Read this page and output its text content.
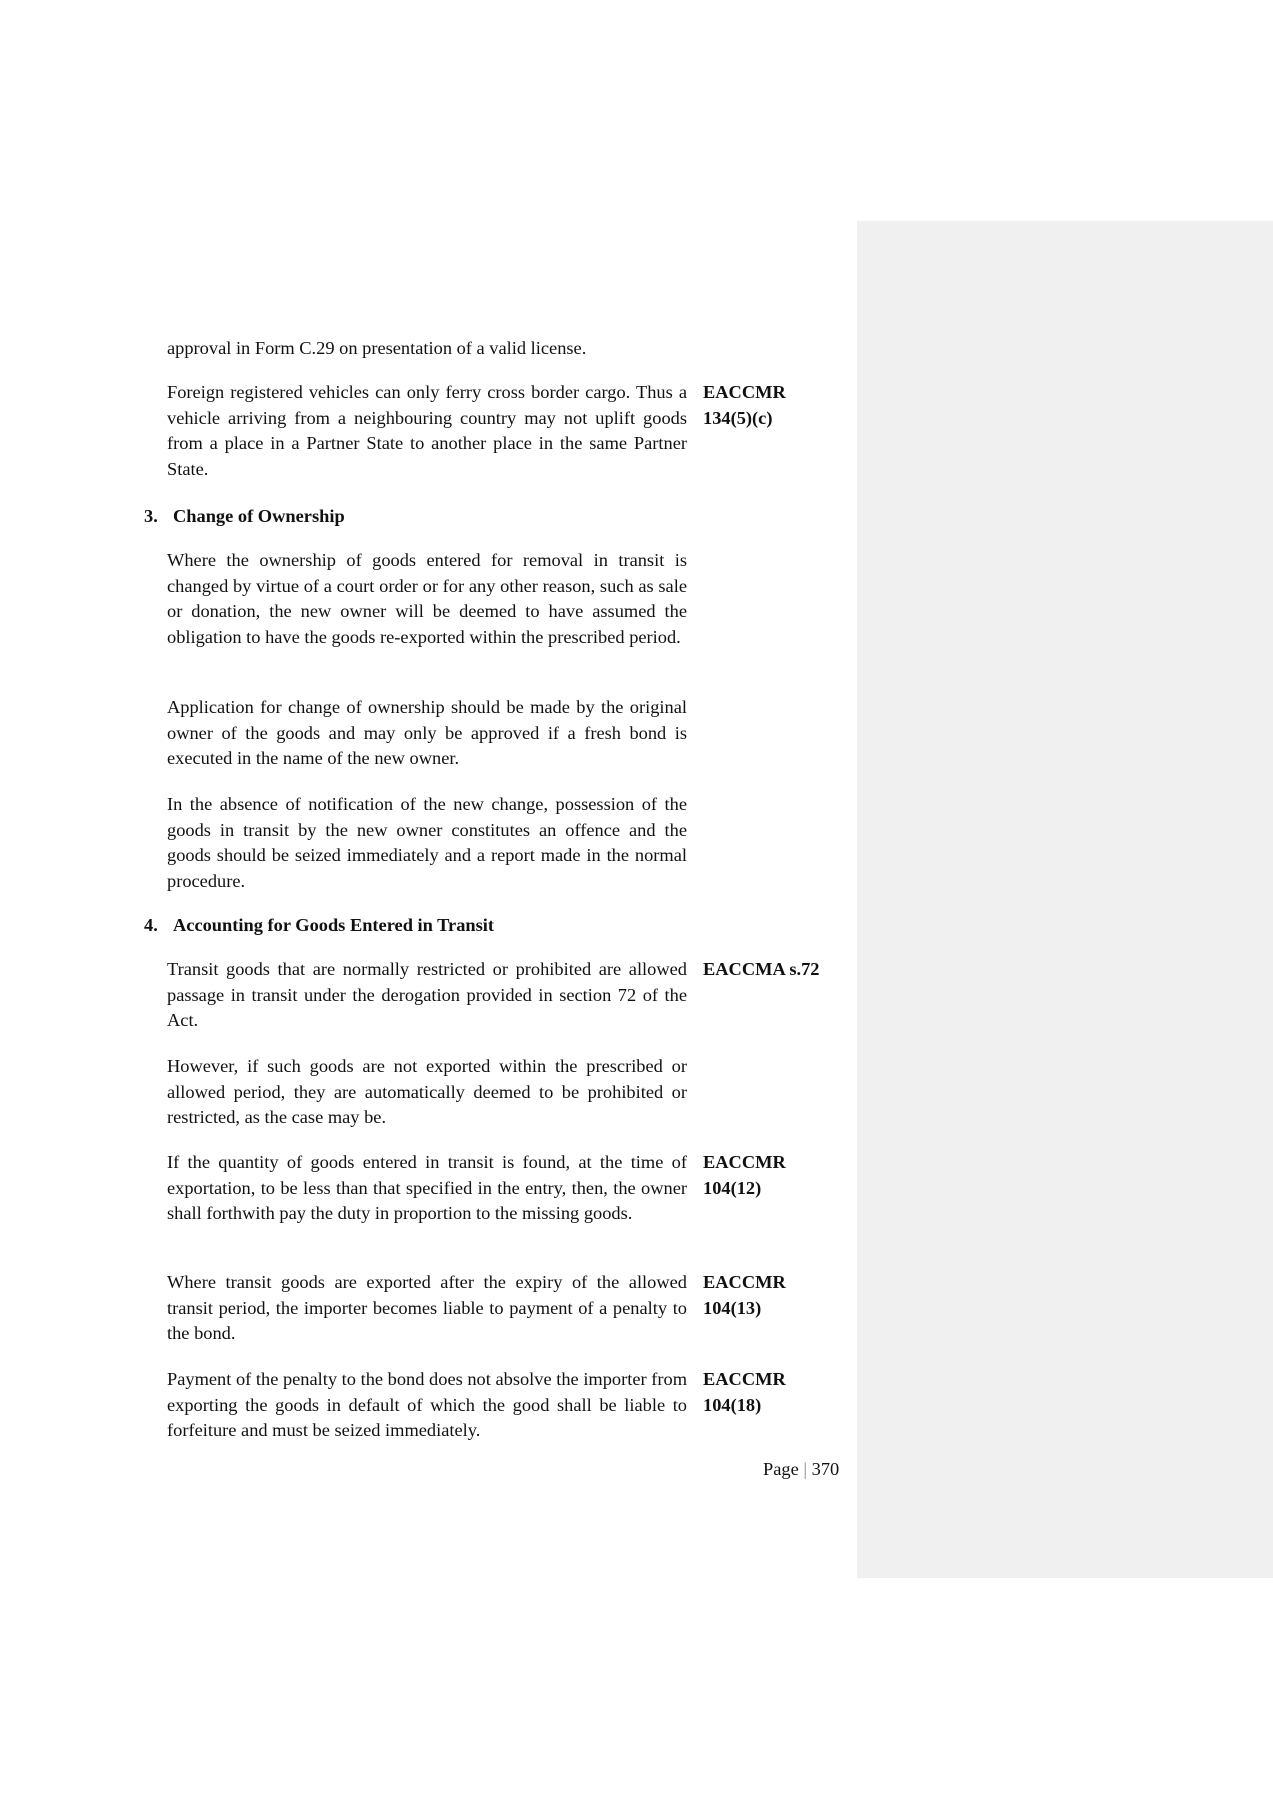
approval in Form C.29 on presentation of a valid license.

Foreign registered vehicles can only ferry cross border cargo. Thus a vehicle arriving from a neighbouring country may not uplift goods from a place in a Partner State to another place in the same Partner State.

EACCMR
134(5)(c)
3. Change of Ownership

Where the ownership of goods entered for removal in transit is changed by virtue of a court order or for any other reason, such as sale or donation, the new owner will be deemed to have assumed the obligation to have the goods re-exported within the prescribed period.

Application for change of ownership should be made by the original owner of the goods and may only be approved if a fresh bond is executed in the name of the new owner.

In the absence of notification of the new change, possession of the goods in transit by the new owner constitutes an offence and the goods should be seized immediately and a report made in the normal procedure.

4. Accounting for Goods Entered in Transit

Transit goods that are normally restricted or prohibited are allowed passage in transit under the derogation provided in section 72 of the Act.

EACCMA s.72

However, if such goods are not exported within the prescribed or allowed period, they are automatically deemed to be prohibited or restricted, as the case may be.

If the quantity of goods entered in transit is found, at the time of exportation, to be less than that specified in the entry, then, the owner shall forthwith pay the duty in proportion to the missing goods.

EACCMR
104(12)

Where transit goods are exported after the expiry of the allowed transit period, the importer becomes liable to payment of a penalty to the bond.

EACCMR
104(13)

Payment of the penalty to the bond does not absolve the importer from exporting the goods in default of which the good shall be liable to forfeiture and must be seized immediately.

EACCMR
104(18)
Page | 370
